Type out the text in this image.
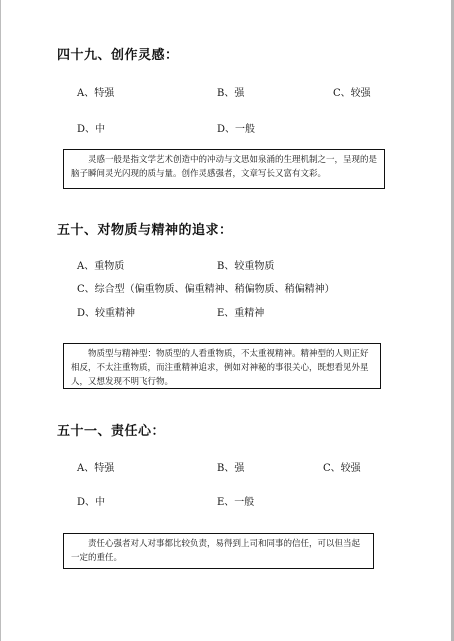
四十九、创作灵感：
A、特强	B、强	C、较强
D、中	D、一般
灵感一般是指文学艺术创造中的冲动与文思如泉涌的生理机制之一，呈现的是脑子瞬间灵光闪现的质与量。创作灵感强者，文章写长又富有文彩。
五十、对物质与精神的追求：
A、重物质	B、较重物质
C、综合型（偏重物质、偏重精神、稍偏物质、稍偏精神）
D、较重精神	E、重精神
物质型与精神型：物质型的人看重物质，不太重视精神。精神型的人则正好相反，不太注重物质，而注重精神追求，例如对神秘的事很关心，既想看见外星人，又想发现不明飞行物。
五十一、责任心：
A、特强	B、强	C、较强
D、中	E、一般
责任心强者对人对事都比较负责，易得到上司和同事的信任，可以但当起一定的重任。
